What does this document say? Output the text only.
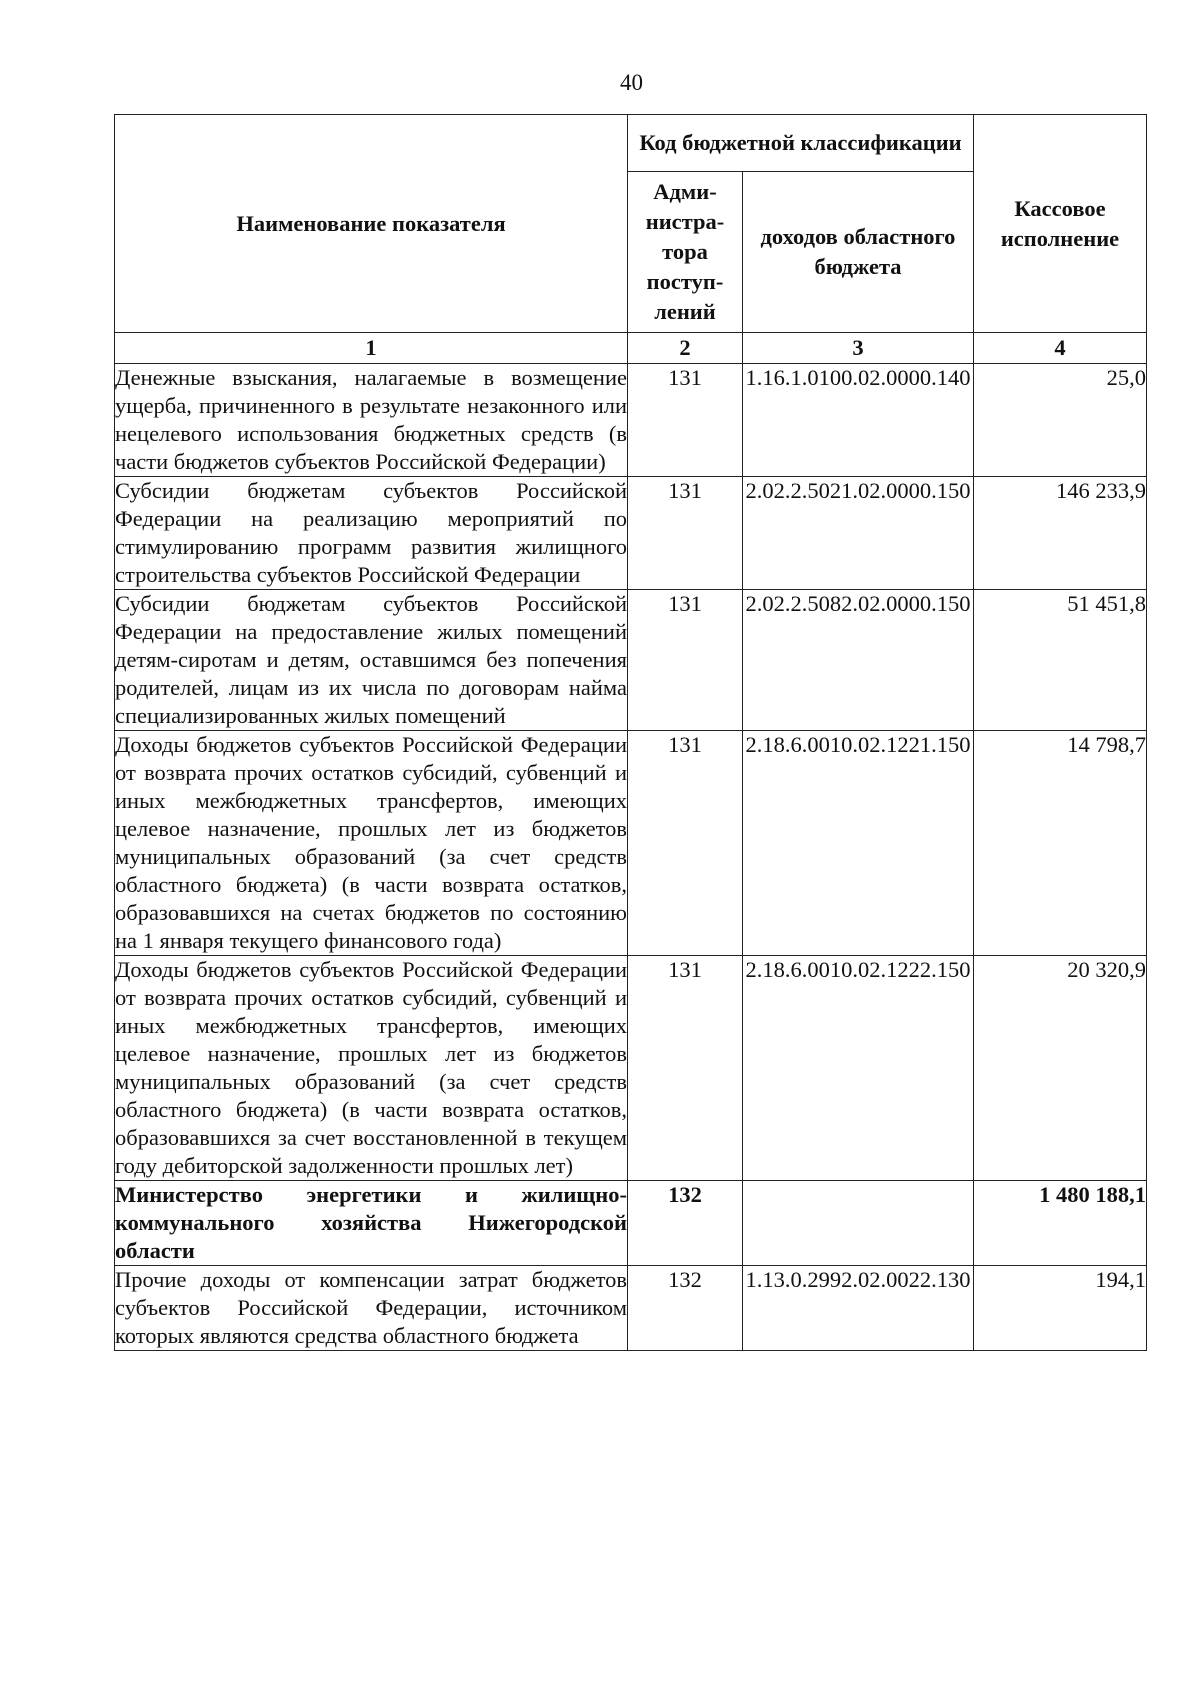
40
Наименование показателя	Код бюджетной классификации		Кассовое исполнение
	Адми-нистра-тора поступ-лений	доходов областного бюджета	
1	2	3	4
Денежные взыскания, налагаемые в возмещение ущерба, причиненного в результате незаконного или нецелевого использования бюджетных средств (в части бюджетов субъектов Российской Федерации)	131	1.16.1.0100.02.0000.140	25,0
Субсидии бюджетам субъектов Российской Федерации на реализацию мероприятий по стимулированию программ развития жилищного строительства субъектов Российской Федерации	131	2.02.2.5021.02.0000.150	146 233,9
Субсидии бюджетам субъектов Российской Федерации на предоставление жилых помещений детям-сиротам и детям, оставшимся без попечения родителей, лицам из их числа по договорам найма специализированных жилых помещений	131	2.02.2.5082.02.0000.150	51 451,8
Доходы бюджетов субъектов Российской Федерации от возврата прочих остатков субсидий, субвенций и иных межбюджетных трансфертов, имеющих целевое назначение, прошлых лет из бюджетов муниципальных образований (за счет средств областного бюджета) (в части возврата остатков, образовавшихся на счетах бюджетов по состоянию на 1 января текущего финансового года)	131	2.18.6.0010.02.1221.150	14 798,7
Доходы бюджетов субъектов Российской Федерации от возврата прочих остатков субсидий, субвенций и иных межбюджетных трансфертов, имеющих целевое назначение, прошлых лет из бюджетов муниципальных образований (за счет средств областного бюджета) (в части возврата остатков, образовавшихся за счет восстановленной в текущем году дебиторской задолженности прошлых лет)	131	2.18.6.0010.02.1222.150	20 320,9
Министерство энергетики и жилищно-коммунального хозяйства Нижегородской области	132		1 480 188,1
Прочие доходы от компенсации затрат бюджетов субъектов Российской Федерации, источником которых являются средства областного бюджета	132	1.13.0.2992.02.0022.130	194,1
